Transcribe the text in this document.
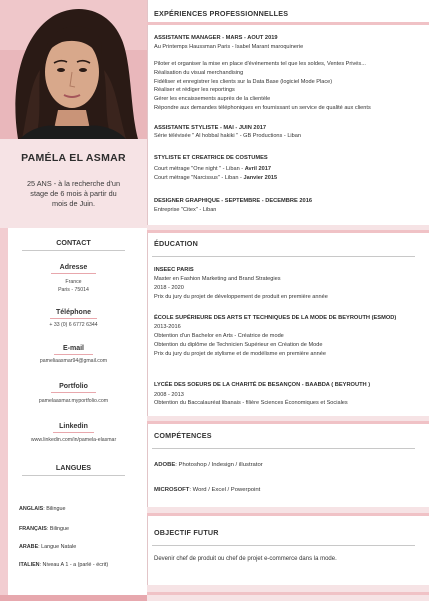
PAMÉLA EL ASMAR
25 ANS - à la recherche d'un stage de 6 mois à partir du mois de Juin.
CONTACT
Adresse
France
Paris - 75014
Téléphone
+ 33 (0) 6 6772 6344
E-mail
pameliaasmar94@gmail.com
Portfolio
pamelaasmar.myportfolio.com
Linkedin
www.linkedin.com/in/pamela-elasmar
LANGUES
ANGLAIS: Bilingue
FRANÇAIS: Bilingue
ARABE: Langue Natale
ITALIEN: Niveau A 1 - a (parlé - écrit)
EXPÉRIENCES PROFESSIONNELLES
ASSISTANTE MANAGER - MARS - AOUT 2019
Au Printemps Haussman Paris - Isabel Marant maroquinerie
Piloter et organiser la mise en place d'événements tel que les soldes, Ventes Privés...
Réalisation du visual merchandising
Fidéliser et enregistrer les clients sur la Data Base (logiciel Mode Place)
Réaliser et rédiger les reportings
Gérer les encaissements auprès de la clientèle
Répondre aux demandes téléphoniques en fournissant un service de qualité aux clients
ASSISTANTE STYLISTE - MAI - JUIN 2017
Série télévisée " Al hobbal hakiki " - GB Productions - Liban
STYLISTE ET CREATRICE DE COSTUMES
Court métrage "One night " - Liban - Avril 2017
Court métrage "Narcissus" - Liban - Janvier 2015
DESIGNER GRAPHIQUE - SEPTEMBRE - DECEMBRE 2016
Entreprise "Citex" - Liban
ÉDUCATION
INSEEC PARIS
Master en Fashion Marketing and Brand Strategies
2018 - 2020
Prix du jury du projet de développement de produit en première année
ÉCOLE SUPÉRIEURE DES ARTS ET TECHNIQUES DE LA MODE DE BEYROUTH (ESMOD)
2013-2016
Obtention d'un Bachelor en Arts - Créatrice de mode
Obtention du diplôme de Technicien Supérieur en Création de Mode
Prix du jury du projet de stylisme et de modélisme en première année
LYCÉE DES SOEURS DE LA CHARITÉ DE BESANÇON - BAABDA ( BEYROUTH )
2008 - 2013
Obtention du Baccalauréat libanais - filière Sciences Économiques et Sociales
COMPÉTENCES
ADOBE: Photoshop / Indesign / illustrator
MICROSOFT: Word / Excel / Powerpoint
OBJECTIF FUTUR
Devenir chef de produit ou chef de projet e-commerce dans la mode.
